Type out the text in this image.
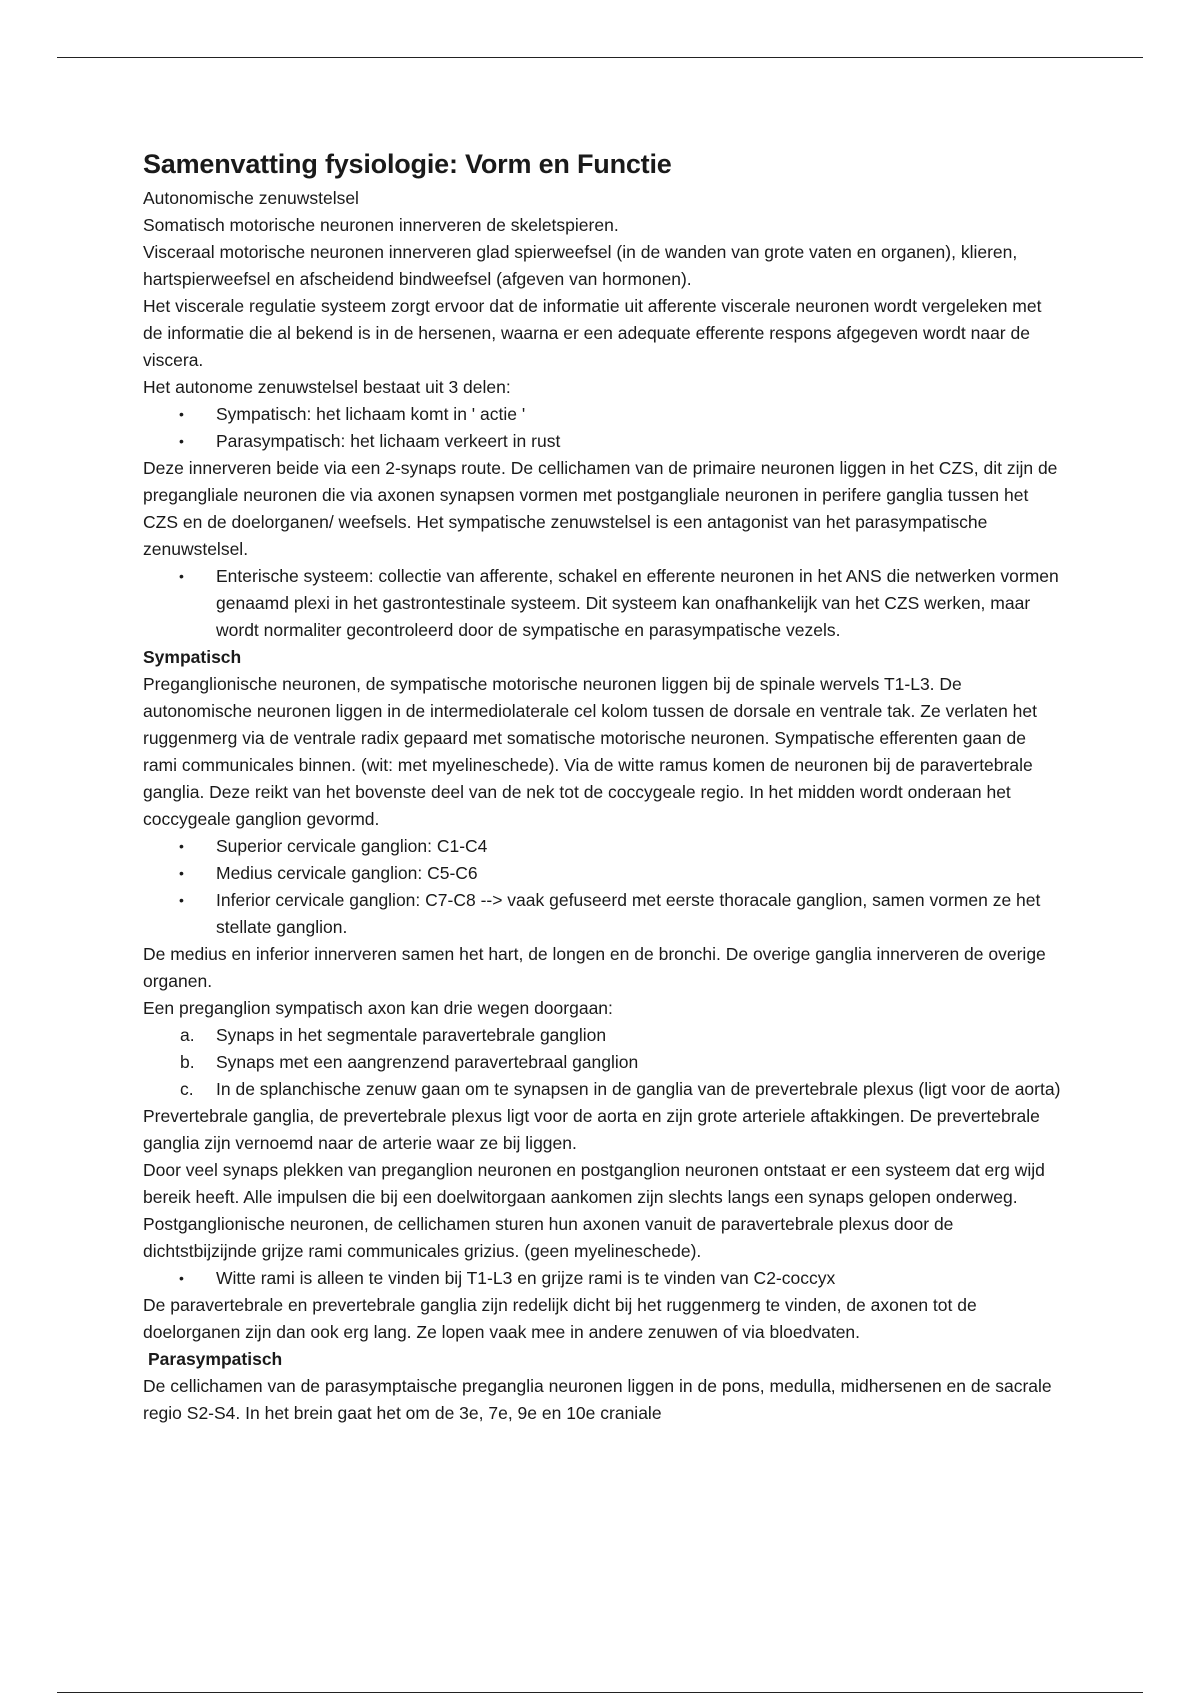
Samenvatting fysiologie: Vorm en Functie

Autonomische zenuwstelsel

Somatisch motorische neuronen innerveren de skeletspieren.

Visceraal motorische neuronen innerveren glad spierweefsel (in de wanden van grote vaten en organen), klieren, hartspierweefsel en afscheidend bindweefsel (afgeven van hormonen).

Het viscerale regulatie systeem zorgt ervoor dat de informatie uit afferente viscerale neuronen wordt vergeleken met de informatie die al bekend is in de hersenen, waarna er een adequate efferente respons afgegeven wordt naar de viscera.

Het autonome zenuwstelsel bestaat uit 3 delen:

• Sympatisch: het lichaam komt in ' actie '
• Parasympatisch: het lichaam verkeert in rust

Deze innerveren beide via een 2-synaps route. De cellichamen van de primaire neuronen liggen in het CZS, dit zijn de pregangliale neuronen die via axonen synapsen vormen met postgangliale neuronen in perifere ganglia tussen het CZS en de doelorganen/ weefsels. Het sympatische zenuwstelsel is een antagonist van het parasympatische zenuwstelsel.

• Enterische systeem: collectie van afferente, schakel en efferente neuronen in het ANS die netwerken vormen genaamd plexi in het gastrontestinale systeem. Dit systeem kan onafhankelijk van het CZS werken, maar wordt normaliter gecontroleerd door de sympatische en parasympatische vezels.
Sympatisch

Preganglionische neuronen, de sympatische motorische neuronen liggen bij de spinale wervels T1-L3. De autonomische neuronen liggen in de intermediolaterale cel kolom tussen de dorsale en ventrale tak. Ze verlaten het ruggenmerg via de ventrale radix gepaard met somatische motorische neuronen. Sympatische efferenten gaan de rami communicales binnen. (wit: met myelineschede). Via de witte ramus komen de neuronen bij de paravertebrale ganglia. Deze reikt van het bovenste deel van de nek tot de coccygeale regio. In het midden wordt onderaan het coccygeale ganglion gevormd.

• Superior cervicale ganglion: C1-C4
• Medius cervicale ganglion: C5-C6
• Inferior cervicale ganglion: C7-C8 --> vaak gefuseerd met eerste thoracale ganglion, samen vormen ze het stellate ganglion.

De medius en inferior innerveren samen het hart, de longen en de bronchi. De overige ganglia innerveren de overige organen.

Een preganglion sympatisch axon kan drie wegen doorgaan:

a. Synaps in het segmentale paravertebrale ganglion
b. Synaps met een aangrenzend paravertebraal ganglion
c. In de splanchische zenuw gaan om te synapsen in de ganglia van de prevertebrale plexus (ligt voor de aorta)

Prevertebrale ganglia, de prevertebrale plexus ligt voor de aorta en zijn grote arteriele aftakkingen. De prevertebrale ganglia zijn vernoemd naar de arterie waar ze bij liggen.

Door veel synaps plekken van preganglion neuronen en postganglion neuronen ontstaat er een systeem dat erg wijd bereik heeft. Alle impulsen die bij een doelwitorgaan aankomen zijn slechts langs een synaps gelopen onderweg.

Postganglionische neuronen, de cellichamen sturen hun axonen vanuit de paravertebrale plexus door de dichtstbijzijnde grijze rami communicales grizius. (geen myelineschede).

• Witte rami is alleen te vinden bij T1-L3 en grijze rami is te vinden van C2-coccyx

De paravertebrale en prevertebrale ganglia zijn redelijk dicht bij het ruggenmerg te vinden, de axonen tot de doelorganen zijn dan ook erg lang. Ze lopen vaak mee in andere zenuwen of via bloedvaten.

Parasympatisch

De cellichamen van de parasymptaische preganglia neuronen liggen in de pons, medulla, midhersenen en de sacrale regio S2-S4. In het brein gaat het om de 3e, 7e, 9e en 10e craniale
